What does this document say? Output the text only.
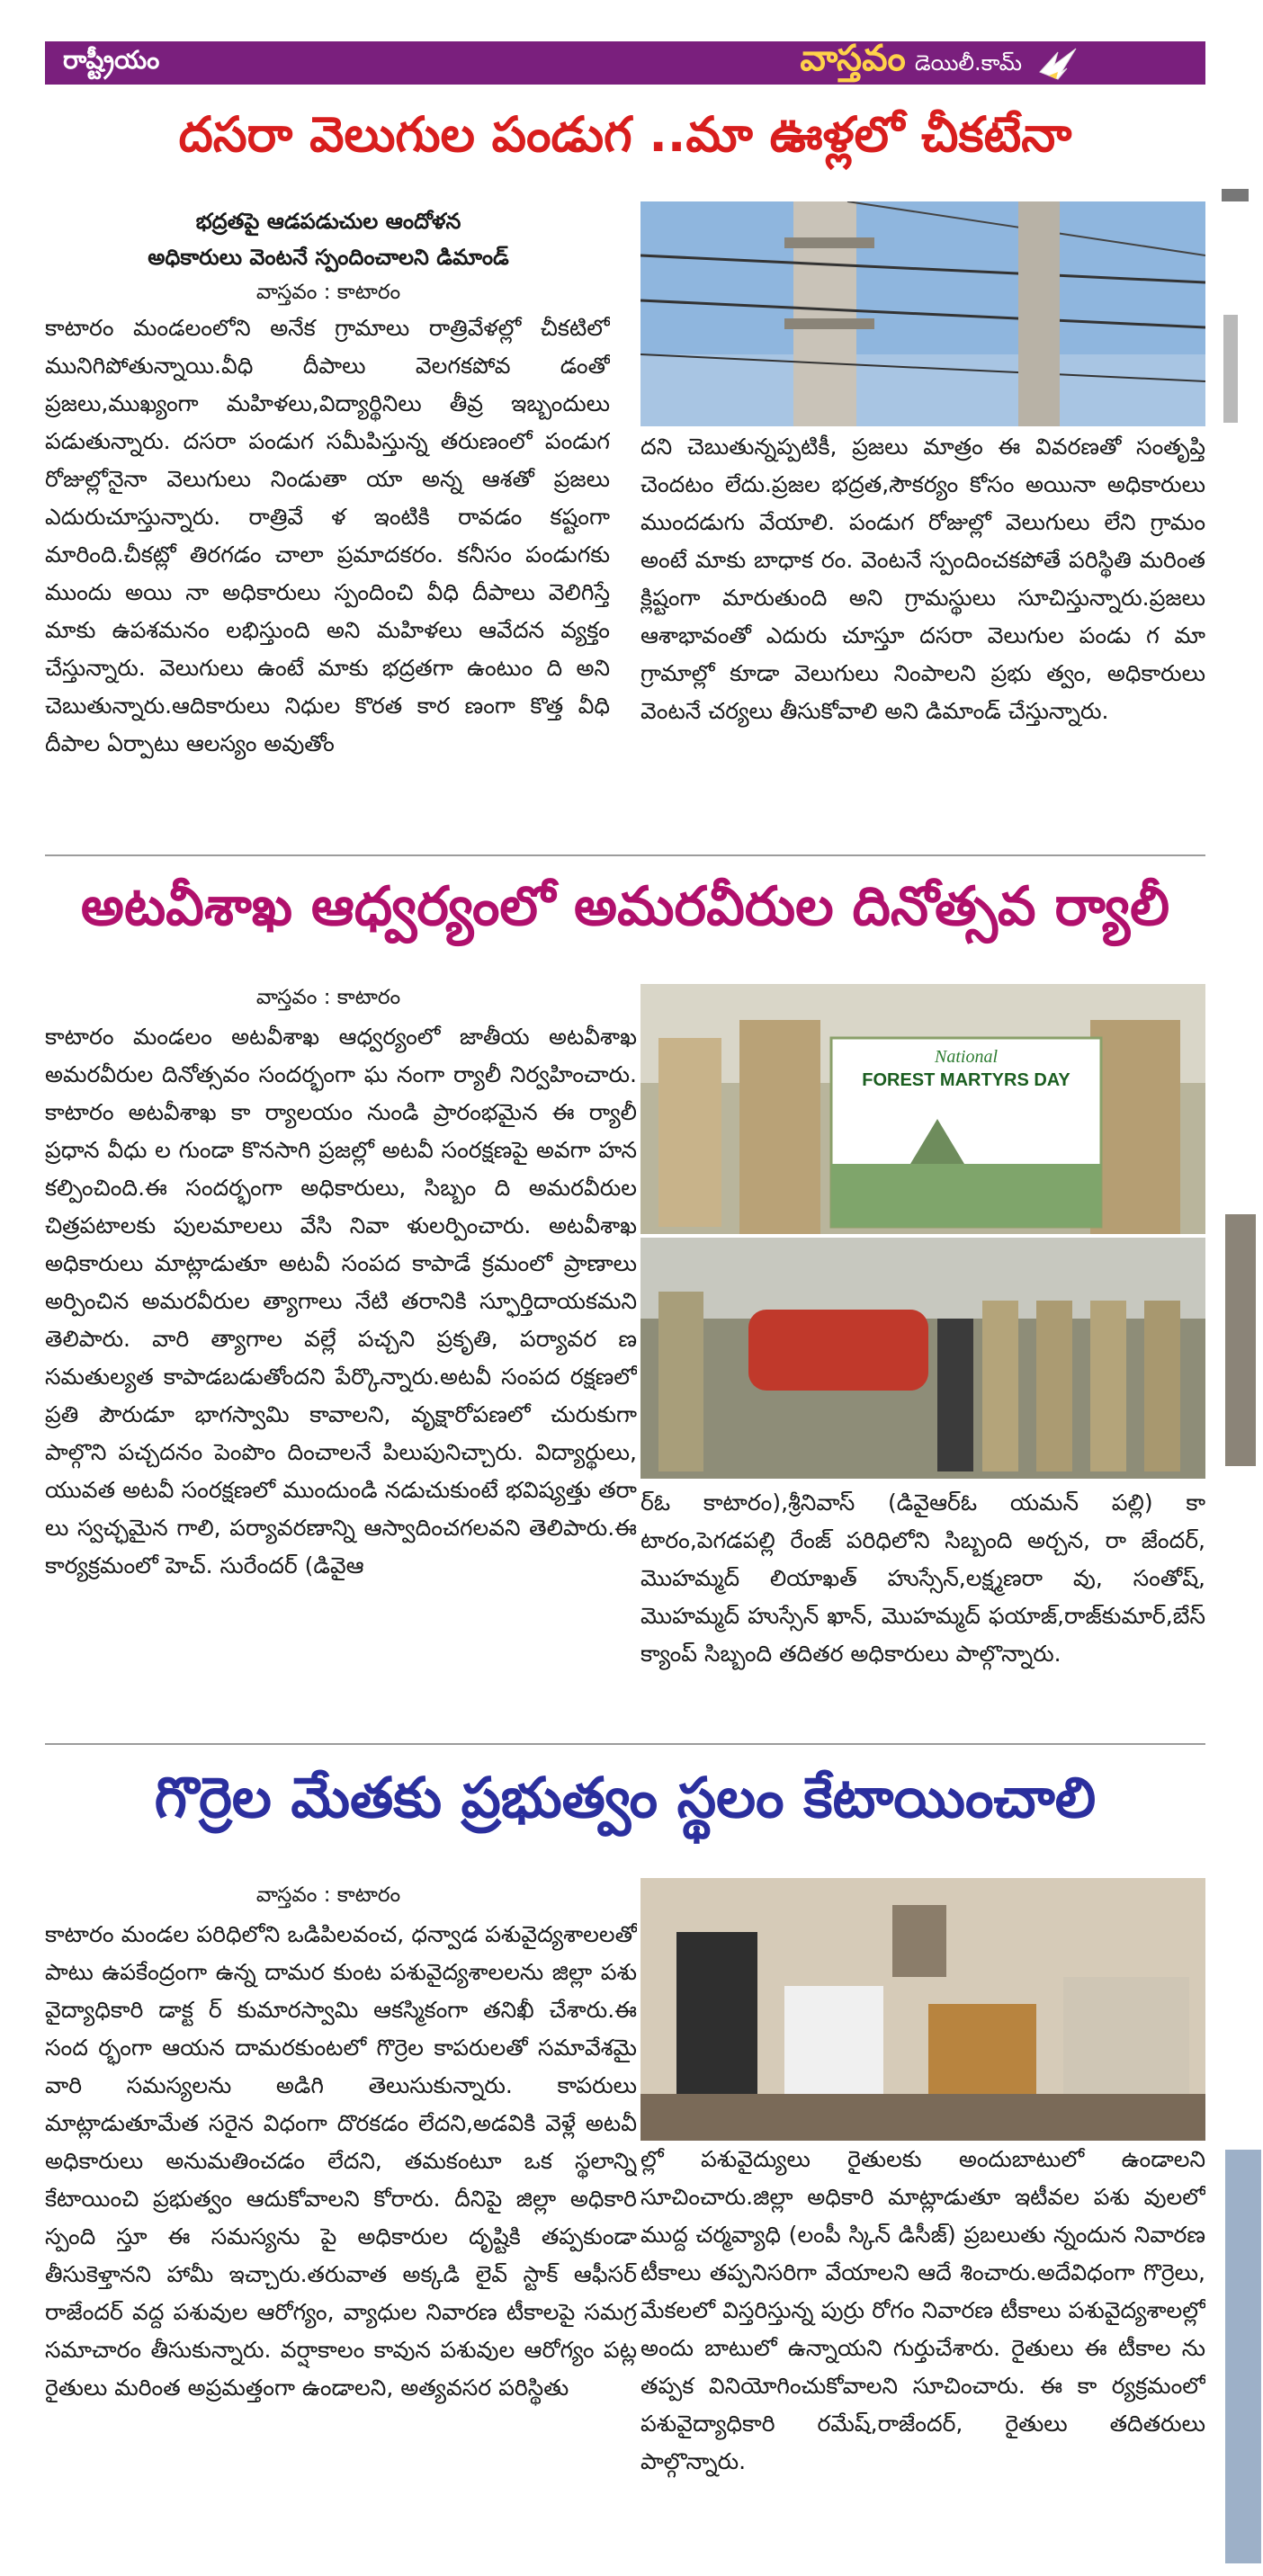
రాష్ట్రీయం	వాస్తవం డెయిలీ.కామ్
దసరా వెలుగుల పండుగ ..మా ఊళ్లలో చీకటేనా
భద్రతపై ఆడపడుచుల ఆందోళన
అధికారులు వెంటనే స్పందించాలని డిమాండ్
వాస్తవం : కాటారం
కాటారం మండలంలోని అనేక గ్రామాలు రాత్రివేళల్లో చీకటిలో మునిగిపోతున్నాయి.వీధి దీపాలు వెలగకపోవ డంతో ప్రజలు,ముఖ్యంగా మహిళలు,విద్యార్థినిలు తీవ్ర ఇబ్బందులు పడుతున్నారు. దసరా పండుగ సమీపిస్తున్న తరుణంలో పండుగ రోజుల్లోనైనా వెలుగులు నిండుతా యా అన్న ఆశతో ప్రజలు ఎదురుచూస్తున్నారు. రాత్రివే ళ ఇంటికి రావడం కష్టంగా మారింది.చీకట్లో తిరగడం చాలా ప్రమాదకరం. కనీసం పండుగకు ముందు అయి నా అధికారులు స్పందించి వీధి దీపాలు వెలిగిస్తే మాకు ఉపశమనం లభిస్తుంది అని మహిళలు ఆవేదన వ్యక్తం చేస్తున్నారు. వెలుగులు ఉంటే మాకు భద్రతగా ఉంటుం ది అని చెబుతున్నారు.ఆదికారులు నిధుల కొరత కార ణంగా కొత్త వీధి దీపాల ఏర్పాటు ఆలస్యం అవుతోం
దని చెబుతున్నప్పటికీ, ప్రజలు మాత్రం ఈ వివరణతో సంతృప్తి చెందటం లేదు.ప్రజల భద్రత,సౌకర్యం కోసం అయినా అధికారులు ముందడుగు వేయాలి. పండుగ రోజుల్లో వెలుగులు లేని గ్రామం అంటే మాకు బాధాక రం. వెంటనే స్పందించకపోతే పరిస్థితి మరింత క్లిష్టంగా మారుతుంది అని గ్రామస్థులు సూచిస్తున్నారు.ప్రజలు ఆశాభావంతో ఎదురు చూస్తూ దసరా వెలుగుల పండు గ మా గ్రామాల్లో కూడా వెలుగులు నింపాలని ప్రభు త్వం, అధికారులు వెంటనే చర్యలు తీసుకోవాలి అని డిమాండ్ చేస్తున్నారు.
అటవీశాఖ ఆధ్వర్యంలో అమరవీరుల దినోత్సవ ర్యాలీ
వాస్తవం : కాటారం
కాటారం మండలం అటవీశాఖ ఆధ్వర్యంలో జాతీయ అటవీశాఖ అమరవీరుల దినోత్సవం సందర్భంగా ఘ నంగా ర్యాలీ నిర్వహించారు. కాటారం అటవీశాఖ కా ర్యాలయం నుండి ప్రారంభమైన ఈ ర్యాలీ ప్రధాన వీధు ల గుండా కొనసాగి ప్రజల్లో అటవీ సంరక్షణపై అవగా హన కల్పించింది.ఈ సందర్భంగా అధికారులు, సిబ్బం ది అమరవీరుల చిత్రపటాలకు పులమాలలు వేసి నివా ళులర్పించారు. అటవీశాఖ అధికారులు మాట్లాడుతూ అటవీ సంపద కాపాడే క్రమంలో ప్రాణాలు అర్పించిన అమరవీరుల త్యాగాలు నేటి తరానికి స్ఫూర్తిదాయకమని తెలిపారు. వారి త్యాగాల వల్లే పచ్చని ప్రకృతి, పర్యావర ణ సమతుల్యత కాపాడబడుతోందని పేర్కొన్నారు.అటవీ సంపద రక్షణలో ప్రతి పౌరుడూ భాగస్వామి కావాలని, వృక్షారోపణలో చురుకుగా పాల్గొని పచ్చదనం పెంపొం దించాలనే పిలుపునిచ్చారు. విద్యార్థులు, యువత అటవీ సంరక్షణలో ముందుండి నడుచుకుంటే భవిష్యత్తు తరా లు స్వచ్ఛమైన గాలి, పర్యావరణాన్ని ఆస్వాదించగలవని తెలిపారు.ఈ కార్యక్రమంలో హెచ్. సురేందర్ (డివైఆ
National
FOREST MARTYRS DAY
ర్ఓ కాటారం),శ్రీనివాస్ (డివైఆర్ఓ యమన్ పల్లి) కా టారం,పెగడపల్లి రేంజ్ పరిధిలోని సిబ్బంది అర్చన, రా జేందర్, మొహమ్మద్ లియాఖత్ హుస్సేన్,లక్ష్మణరా వు, సంతోష్, మొహమ్మద్ హుస్సేన్ ఖాన్, మొహమ్మద్ ఫయాజ్,రాజ్‌కుమార్,బేస్ క్యాంప్ సిబ్బంది తదితర అధికారులు పాల్గొన్నారు.
గొర్రెల మేతకు ప్రభుత్వం స్థలం కేటాయించాలి
వాస్తవం : కాటారం
కాటారం మండల పరిధిలోని ఒడిపిలవంచ, ధన్వాడ పశువైద్యశాలలతో పాటు ఉపకేంద్రంగా ఉన్న దామర కుంట పశువైద్యశాలలను జిల్లా పశు వైద్యాధికారి డాక్ట ర్ కుమారస్వామి ఆకస్మికంగా తనిఖీ చేశారు.ఈ సంద ర్భంగా ఆయన దామరకుంటలో గొర్రెల కాపరులతో సమావేశమై వారి సమస్యలను అడిగి తెలుసుకున్నారు. కాపరులు మాట్లాడుతూమేత సరైన విధంగా దొరకడం లేదని,అడవికి వెళ్లే అటవీ అధికారులు అనుమతించడం లేదని, తమకంటూ ఒక స్థలాన్ని కేటాయించి ప్రభుత్వం ఆదుకోవాలని కోరారు. దీనిపై జిల్లా అధికారి స్పంది స్తూ ఈ సమస్యను పై అధికారుల దృష్టికి తప్పకుండా తీసుకెళ్తానని హామీ ఇచ్చారు.తరువాత అక్కడి లైవ్ స్టాక్ ఆఫీసర్ రాజేందర్ వద్ద పశువుల ఆరోగ్యం, వ్యాధుల నివారణ టీకాలపై సమగ్ర సమాచారం తీసుకున్నారు. వర్షాకాలం కావున పశువుల ఆరోగ్యం పట్ల రైతులు మరింత అప్రమత్తంగా ఉండాలని, అత్యవసర పరిస్థితు
ల్లో పశువైద్యులు రైతులకు అందుబాటులో ఉండాలని సూచించారు.జిల్లా అధికారి మాట్లాడుతూ ఇటీవల పశు వులలో ముద్ద చర్మవ్యాధి (లంపీ స్కిన్ డిసీజ్) ప్రబలుతు న్నందున నివారణ టీకాలు తప్పనిసరిగా వేయాలని ఆదే శించారు.అదేవిధంగా గొర్రెలు, మేకలలో విస్తరిస్తున్న పుర్రు రోగం నివారణ టీకాలు పశువైద్యశాలల్లో అందు బాటులో ఉన్నాయని గుర్తుచేశారు. రైతులు ఈ టీకాల ను తప్పక వినియోగించుకోవాలని సూచించారు. ఈ కా ర్యక్రమంలో పశువైద్యాధికారి రమేష్,రాజేందర్, రైతులు తదితరులు పాల్గొన్నారు.
